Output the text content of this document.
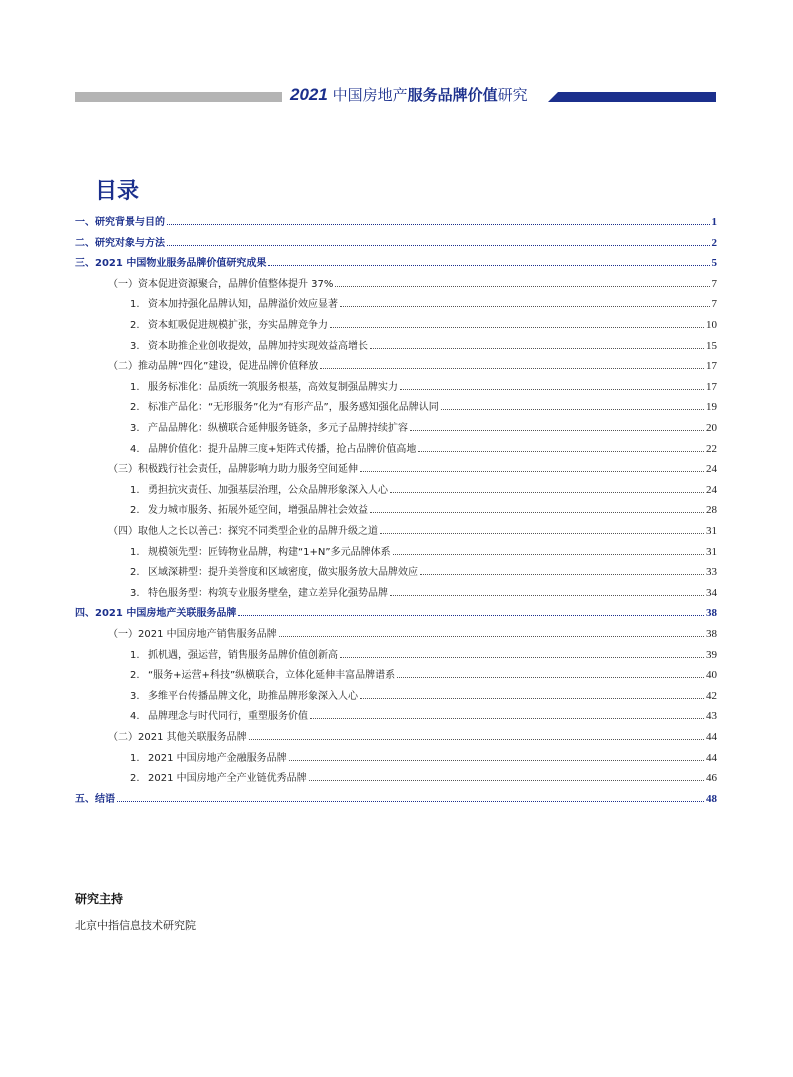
2021 中国房地产服务品牌价值研究
目录
一、研究背景与目的	1
二、研究对象与方法	2
三、2021 中国物业服务品牌价值研究成果	5
（一）资本促进资源聚合，品牌价值整体提升 37%	7
1. 资本加持强化品牌认知，品牌溢价效应显著	7
2. 资本虹吸促进规模扩张，夯实品牌竞争力	10
3. 资本助推企业创收提效，品牌加持实现效益高增长	15
（二）推动品牌“四化”建设，促进品牌价值释放	17
1. 服务标准化：品质统一筑服务根基，高效复制强品牌实力	17
2. 标准产品化：“无形服务”化为“有形产品”，服务感知强化品牌认同	19
3. 产品品牌化：纵横联合延伸服务链条，多元子品牌持续扩容	20
4. 品牌价值化：提升品牌三度+矩阵式传播，抢占品牌价值高地	22
（三）积极践行社会责任，品牌影响力助力服务空间延伸	24
1. 勇担抗灾责任、加强基层治理，公众品牌形象深入人心	24
2. 发力城市服务、拓展外延空间，增强品牌社会效益	28
（四）取他人之长以善己：探究不同类型企业的品牌升级之道	31
1. 规模领先型：匠铸物业品牌，构建“1+N”多元品牌体系	31
2. 区域深耕型：提升美誉度和区域密度，做实服务放大品牌效应	33
3. 特色服务型：构筑专业服务壁垒，建立差异化强势品牌	34
四、2021 中国房地产关联服务品牌	38
（一）2021 中国房地产销售服务品牌	38
1. 抓机遇，强运营，销售服务品牌价值创新高	39
2. “服务+运营+科技”纵横联合，立体化延伸丰富品牌谱系	40
3. 多维平台传播品牌文化，助推品牌形象深入人心	42
4. 品牌理念与时代同行，重塑服务价值	43
（二）2021 其他关联服务品牌	44
1. 2021 中国房地产金融服务品牌	44
2. 2021 中国房地产全产业链优秀品牌	46
五、结语	48
研究主持
北京中指信息技术研究院
